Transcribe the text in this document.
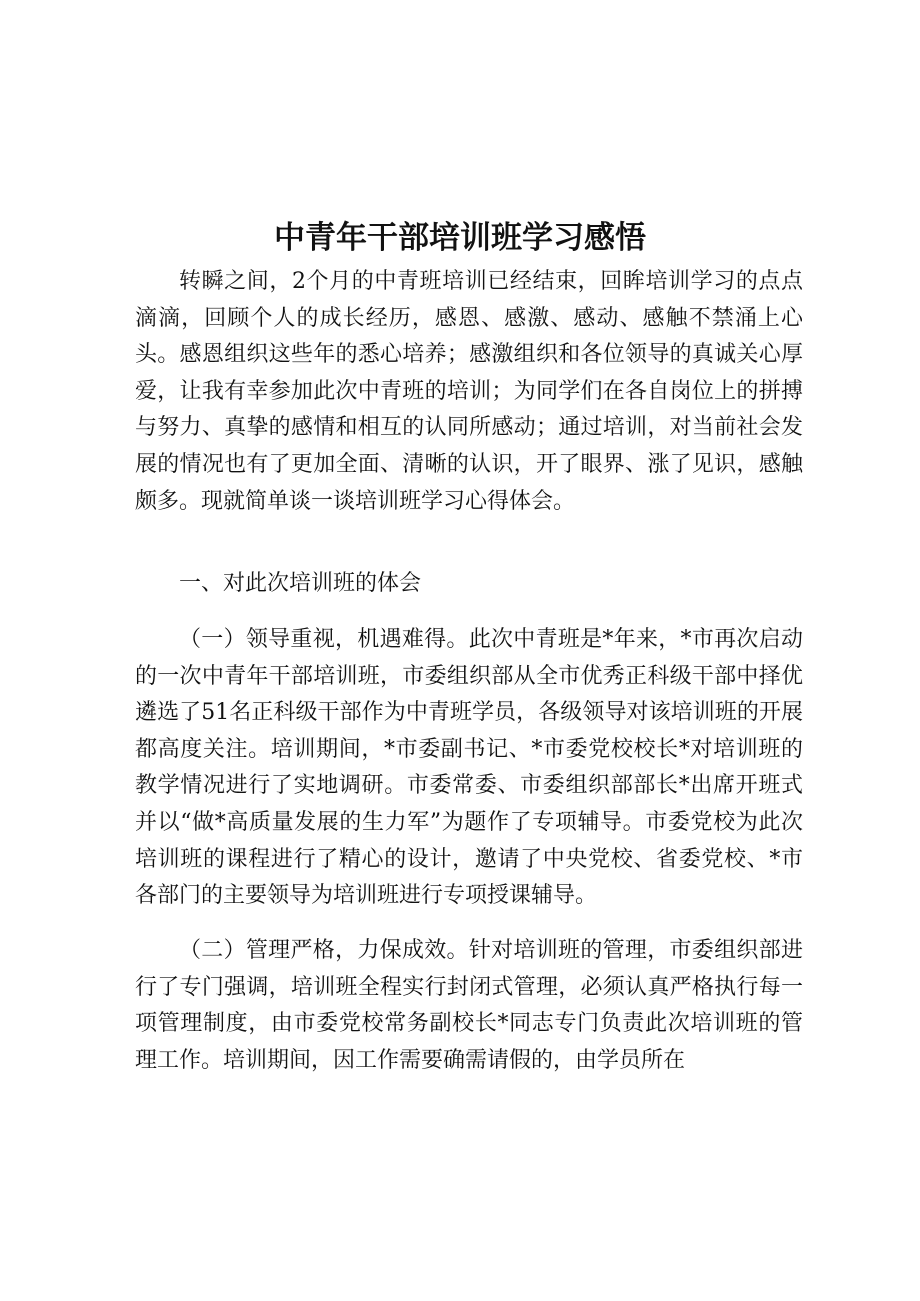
中青年干部培训班学习感悟

转瞬之间，2个月的中青班培训已经结束，回眸培训学习的点点滴滴，回顾个人的成长经历，感恩、感激、感动、感触不禁涌上心头。感恩组织这些年的悉心培养；感激组织和各位领导的真诚关心厚爱，让我有幸参加此次中青班的培训；为同学们在各自岗位上的拼搏与努力、真挚的感情和相互的认同所感动；通过培训，对当前社会发展的情况也有了更加全面、清晰的认识，开了眼界、涨了见识，感触颇多。现就简单谈一谈培训班学习心得体会。

一、对此次培训班的体会

（一）领导重视，机遇难得。此次中青班是*年来，*市再次启动的一次中青年干部培训班，市委组织部从全市优秀正科级干部中择优遴选了51名正科级干部作为中青班学员，各级领导对该培训班的开展都高度关注。培训期间，*市委副书记、*市委党校校长*对培训班的教学情况进行了实地调研。市委常委、市委组织部部长*出席开班式并以“做*高质量发展的生力军”为题作了专项辅导。市委党校为此次培训班的课程进行了精心的设计，邀请了中央党校、省委党校、*市各部门的主要领导为培训班进行专项授课辅导。

（二）管理严格，力保成效。针对培训班的管理，市委组织部进行了专门强调，培训班全程实行封闭式管理，必须认真严格执行每一项管理制度，由市委党校常务副校长*同志专门负责此次培训班的管理工作。培训期间，因工作需要确需请假的，由学员所在
